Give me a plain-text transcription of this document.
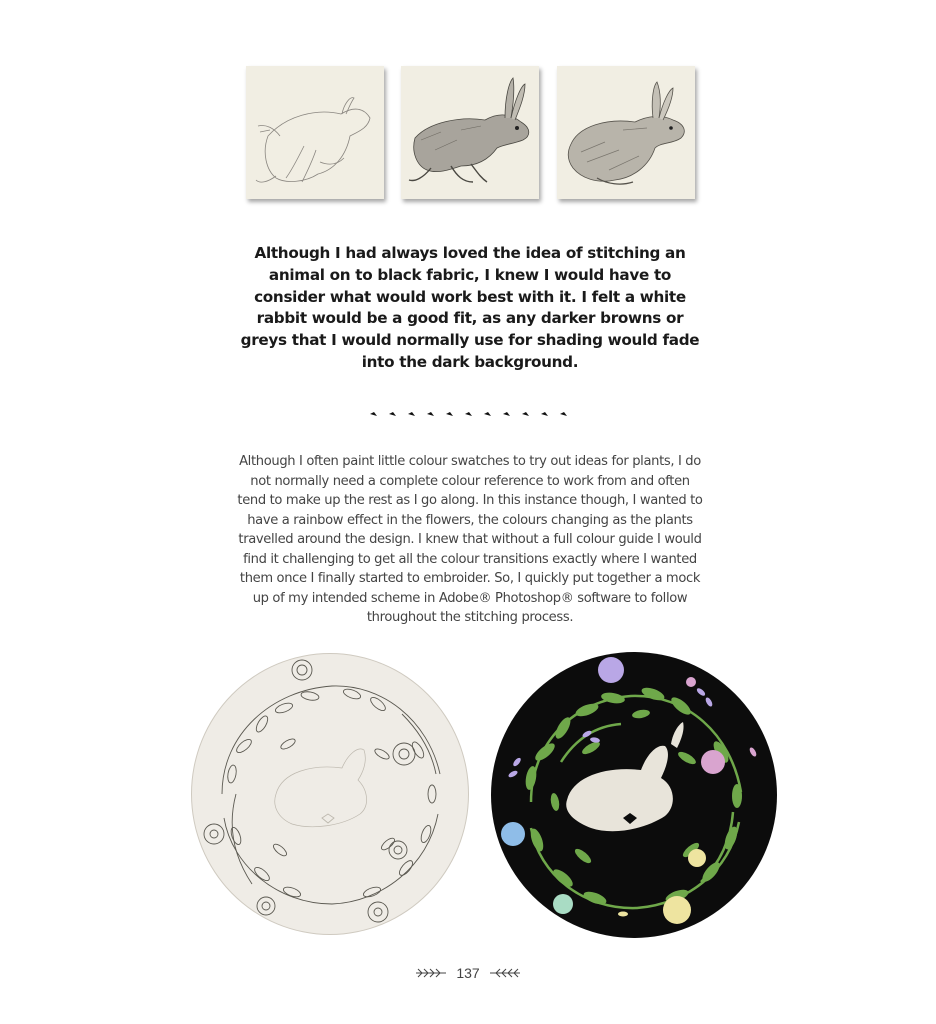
Although I had always loved the idea of stitching an animal on to black fabric, I knew I would have to consider what would work best with it. I felt a white rabbit would be a good fit, as any darker browns or greys that I would normally use for shading would fade into the dark background.
Although I often paint little colour swatches to try out ideas for plants, I do not normally need a complete colour reference to work from and often tend to make up the rest as I go along. In this instance though, I wanted to have a rainbow effect in the flowers, the colours changing as the plants travelled around the design. I knew that without a full colour guide I would find it challenging to get all the colour transitions exactly where I wanted them once I finally started to embroider. So, I quickly put together a mock up of my intended scheme in Adobe® Photoshop® software to follow throughout the stitching process.
137
